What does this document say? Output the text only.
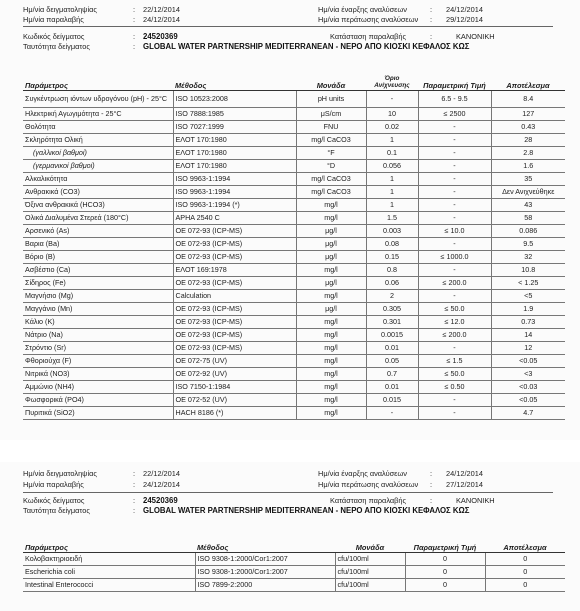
Ημ/νία δειγματοληψίας	: 22/12/2014	Ημ/νία έναρξης αναλύσεων	: 24/12/2014
Ημ/νία παραλαβής	: 24/12/2014	Ημ/νία περάτωσης αναλύσεων : 29/12/2014
Κωδικός δείγματος	: 24520369	Κατάσταση παραλαβής	:	ΚΑΝΟΝΙΚΗ
Ταυτότητα δείγματος	: GLOBAL WATER PARTNERSHIP MEDITERRANEAN - ΝΕΡΟ ΑΠΟ ΚΙΟΣΚΙ ΚΕΦΑΛΟΣ ΚΩΣ
Παράμετρος	Μέθοδος	Μονάδα	Όριο Ανίχνευσης	Παραμετρική Τιμή	Αποτέλεσμα
Συγκέντρωση ιόντων υδρογόνου (pH) - 25°C	ISO 10523:2008	pH units	-	6.5 - 9.5	8.4
Ηλεκτρική Αγωγιμότητα - 25°C	ISO 7888:1985	μS/cm	10	≤ 2500	127
Θολότητα	ISO 7027:1999	FNU	0.02	-	0.43
Σκληρότητα Ολική	ΕΛΟΤ 170:1980	mg/l CaCO3	1	-	28
(γαλλικοί βαθμοί)	ΕΛΟΤ 170:1980	°F	0.1	-	2.8
(γερμανικοί βαθμοί)	ΕΛΟΤ 170:1980	°D	0.056	-	1.6
Αλκαλικότητα	ISO 9963-1:1994	mg/l CaCO3	1	-	35
Ανθρακικά (CO3)	ISO 9963-1:1994	mg/l CaCO3	1	-	Δεν Ανιχνεύθηκε
Όξινα ανθρακικά (HCO3)	ISO 9963-1:1994 (*)	mg/l	1	-	43
Ολικά Διαλυμένα Στερεά (180°C)	APHA 2540 C	mg/l	1.5	-	58
Αρσενικό (As)	OE 072-93 (ICP-MS)	μg/l	0.003	≤ 10.0	0.086
Βαρια (Ba)	OE 072-93 (ICP-MS)	μg/l	0.08	-	9.5
Βόριο (B)	OE 072-93 (ICP-MS)	μg/l	0.15	≤ 1000.0	32
Ασβέστιο (Ca)	ΕΛΟΤ 169:1978	mg/l	0.8	-	10.8
Σίδηρος (Fe)	OE 072-93 (ICP-MS)	μg/l	0.06	≤ 200.0	< 1.25
Μαγνήσιο (Mg)	Calculation	mg/l	2	-	<5
Μαγγάνιο (Mn)	OE 072-93 (ICP-MS)	μg/l	0.305	≤ 50.0	1.9
Κάλιο (K)	OE 072-93 (ICP-MS)	mg/l	0.301	≤ 12.0	0.73
Νάτριο (Na)	OE 072-93 (ICP-MS)	mg/l	0.0015	≤ 200.0	14
Στρόντιο (Sr)	OE 072-93 (ICP-MS)	mg/l	0.01	-	12
Φθοριούχα (F)	OE 072-75 (UV)	mg/l	0.05	≤ 1.5	<0.05
Νιτρικά (NO3)	OE 072-92 (UV)	mg/l	0.7	≤ 50.0	<3
Αμμώνιο (NH4)	ISO 7150-1:1984	mg/l	0.01	≤ 0.50	<0.03
Φωσφορικά (PO4)	OE 072-52 (UV)	mg/l	0.015	-	<0.05
Πυριτικά (SiO2)	HACH 8186 (*)	mg/l	-	-	4.7
Ημ/νία δειγματοληψίας	: 22/12/2014	Ημ/νία έναρξης αναλύσεων	: 24/12/2014
Ημ/νία παραλαβής	: 24/12/2014	Ημ/νία περάτωσης αναλύσεων : 27/12/2014
Κωδικός δείγματος	: 24520369	Κατάσταση παραλαβής	:	ΚΑΝΟΝΙΚΗ
Ταυτότητα δείγματος	: GLOBAL WATER PARTNERSHIP MEDITERRANEAN - ΝΕΡΟ ΑΠΟ ΚΙΟΣΚΙ ΚΕΦΑΛΟΣ ΚΩΣ
Παράμετρος	Μέθοδος	Μονάδα	Παραμετρική Τιμή	Αποτέλεσμα
Κολοβακτηριοειδή	ISO 9308-1:2000/Cor1:2007	cfu/100ml	0	0
Escherichia coli	ISO 9308-1:2000/Cor1:2007	cfu/100ml	0	0
Intestinal Enterococci	ISO 7899-2:2000	cfu/100ml	0	0
